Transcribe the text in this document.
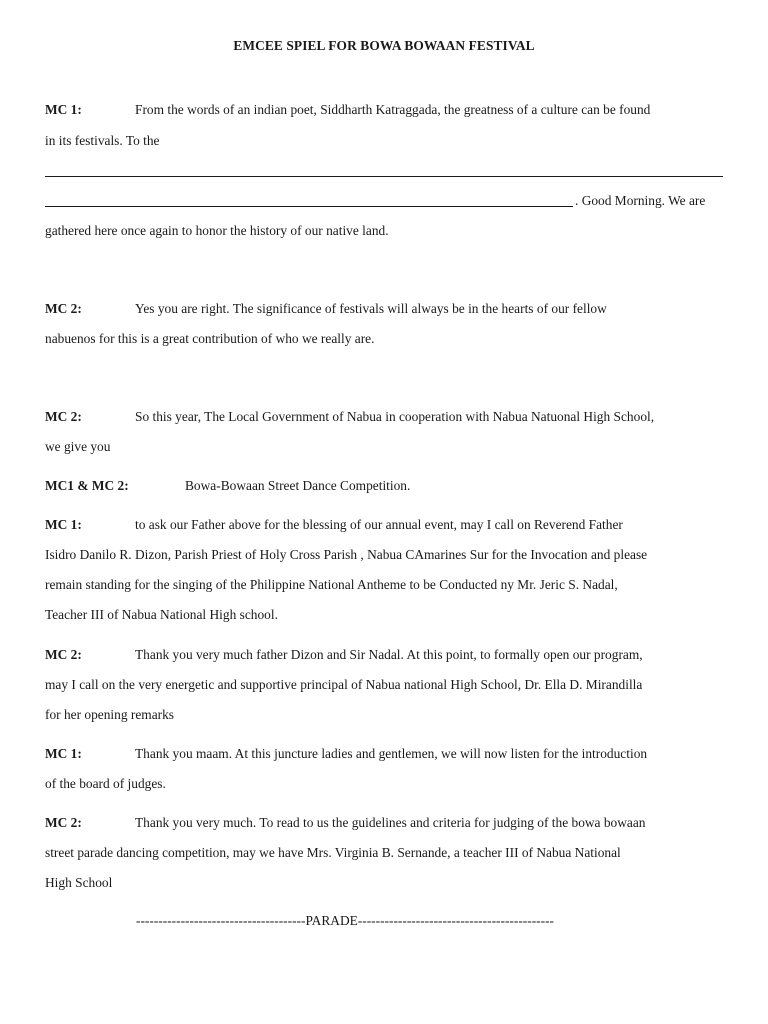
EMCEE SPIEL FOR BOWA BOWAAN FESTIVAL
MC 1:	From the words of an indian poet, Siddharth Katraggada, the greatness of a culture can be found
in its festivals. To the
. Good Morning. We are
gathered here once again to honor the history of our native land.
MC 2:	Yes you are right. The significance of festivals will always be in the hearts of our fellow
nabuenos for this is a great contribution of who we really are.
MC 2:	So this year, The Local Government of Nabua in cooperation with Nabua Natuonal High School,
we give you
MC1 & MC 2:	Bowa-Bowaan Street Dance Competition.
MC 1:	to ask our Father above for the blessing of our annual event, may I call on Reverend Father
Isidro Danilo R. Dizon, Parish Priest of Holy Cross Parish , Nabua CAmarines Sur for the Invocation and please
remain standing for the singing of the Philippine National Antheme to be Conducted ny Mr. Jeric S. Nadal,
Teacher III of Nabua National High school.
MC 2:	Thank you very much father Dizon and Sir Nadal. At this point, to formally open our program,
may I call on the very energetic and supportive principal of Nabua national High School, Dr. Ella D. Mirandilla
for her opening remarks
MC 1:	Thank you maam. At this juncture ladies and gentlemen, we will now listen for the introduction
of the board of judges.
MC 2:	Thank you very much. To read to us the guidelines and criteria for judging of the bowa bowaan
street parade dancing competition, may we have Mrs. Virginia B. Sernande, a teacher III of Nabua National
High School
--------------------------------------PARADE--------------------------------------------
